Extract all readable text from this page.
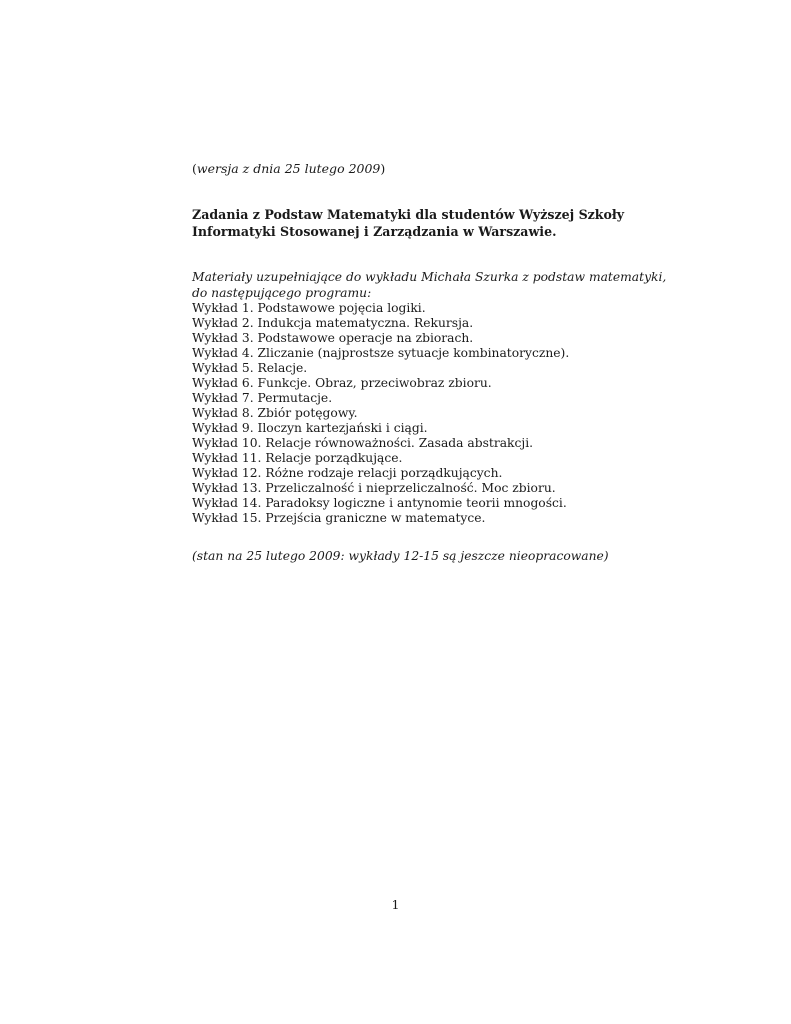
(wersja z dnia 25 lutego 2009)
Zadania z Podstaw Matematyki dla studentów Wyższej Szkoły
Informatyki Stosowanej i Zarządzania w Warszawie.
Materiały uzupełniające do wykładu Michała Szurka z podstaw matematyki,
do następującego programu:
Wykład 1. Podstawowe pojęcia logiki.
Wykład 2. Indukcja matematyczna. Rekursja.
Wykład 3. Podstawowe operacje na zbiorach.
Wykład 4. Zliczanie (najprostsze sytuacje kombinatoryczne).
Wykład 5. Relacje.
Wykład 6. Funkcje. Obraz, przeciwobraz zbioru.
Wykład 7. Permutacje.
Wykład 8. Zbiór potęgowy.
Wykład 9. Iloczyn kartezjański i ciągi.
Wykład 10. Relacje równoważności. Zasada abstrakcji.
Wykład 11. Relacje porządkujące.
Wykład 12. Różne rodzaje relacji porządkujących.
Wykład 13. Przeliczalność i nieprzeliczalność. Moc zbioru.
Wykład 14. Paradoksy logiczne i antynomie teorii mnogości.
Wykład 15. Przejścia graniczne w matematyce.
(stan na 25 lutego 2009: wykłady 12-15 są jeszcze nieopracowane)
1
